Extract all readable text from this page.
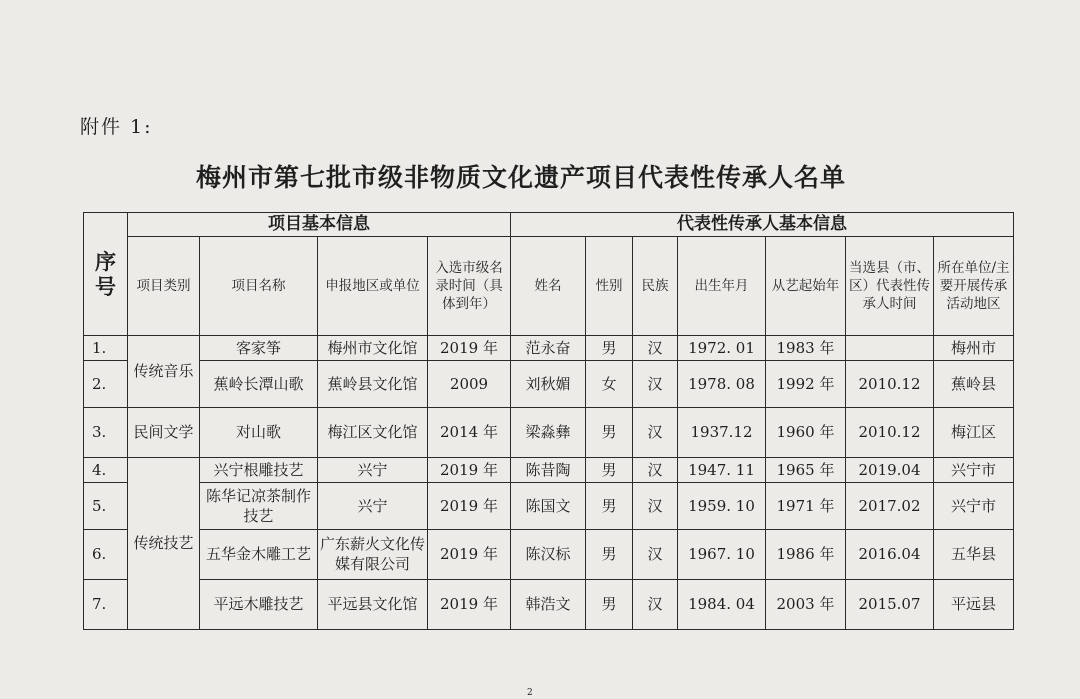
附件 1:
梅州市第七批市级非物质文化遗产项目代表性传承人名单
序号	项目基本信息				代表性传承人基本信息						
	项目类别	项目名称	申报地区或单位	入选市级名录时间（具体到年）	姓名	性别	民族	出生年月	从艺起始年	当选县（市、区）代表性传承人时间	所在单位/主要开展传承活动地区
1.	传统音乐	客家筝	梅州市文化馆	2019 年	范永奋	男	汉	1972. 01	1983 年		梅州市
2.		蕉岭长潭山歌	蕉岭县文化馆	2009	刘秋媚	女	汉	1978. 08	1992 年	2010.12	蕉岭县
3.	民间文学	对山歌	梅江区文化馆	2014 年	梁淼彝	男	汉	1937.12	1960 年	2010.12	梅江区
4.	传统技艺	兴宁根雕技艺	兴宁	2019 年	陈昔陶	男	汉	1947. 11	1965 年	2019.04	兴宁市
5.		陈华记凉茶制作技艺	兴宁	2019 年	陈国文	男	汉	1959. 10	1971 年	2017.02	兴宁市
6.		五华金木雕工艺	广东薪火文化传媒有限公司	2019 年	陈汉标	男	汉	1967. 10	1986 年	2016.04	五华县
7.		平远木雕技艺	平远县文化馆	2019 年	韩浩文	男	汉	1984. 04	2003 年	2015.07	平远县
2
